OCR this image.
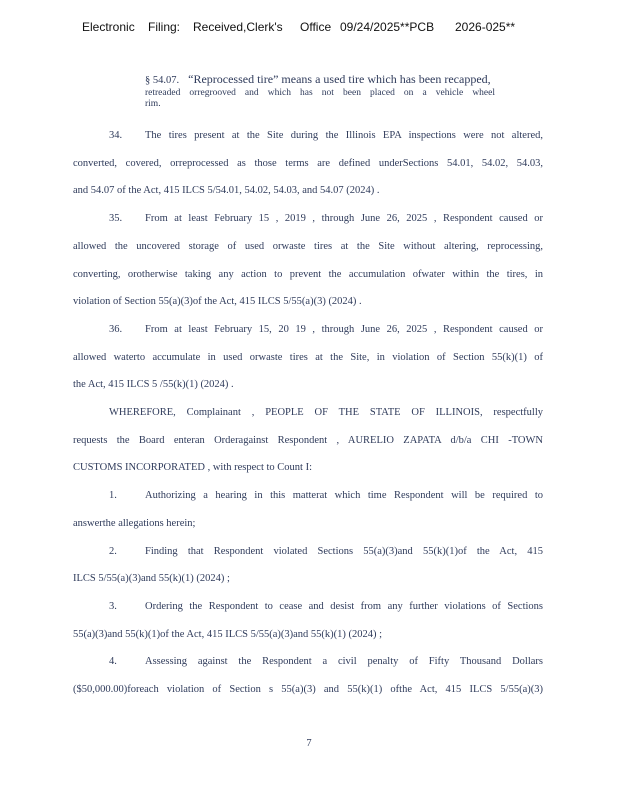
Electronic Filing: Received,Clerk's Office 09/24/2025**PCB 2026-025**
§ 54.07. “Reprocessed tire” means a used tire which has been recapped,
retreaded orregrooved and which has not been placed on a vehicle wheel
rim.
34. The tires present at the Site during the Illinois EPA inspections were not altered,
converted, covered, orreprocessed as those terms are defined underSections 54.01, 54.02, 54.03,
and 54.07 of the Act, 415 ILCS 5/54.01, 54.02, 54.03, and 54.07 (2024) .
35. From at least February 15 , 2019 , through June 26, 2025 , Respondent caused or
allowed the uncovered storage of used orwaste tires at the Site without altering, reprocessing,
converting, orotherwise taking any action to prevent the accumulation ofwater within the tires, in
violation of Section 55(a)(3)of the Act, 415 ILCS 5/55(a)(3) (2024) .
36. From at least February 15, 20 19 , through June 26, 2025 , Respondent caused or
allowed waterto accumulate in used orwaste tires at the Site, in violation of Section 55(k)(1) of
the Act, 415 ILCS 5 /55(k)(1) (2024) .
WHEREFORE, Complainant , PEOPLE OF THE STATE OF ILLINOIS, respectfully
requests the Board enteran Orderagainst Respondent , AURELIO ZAPATA d/b/a CHI -TOWN
CUSTOMS INCORPORATED , with respect to Count I:
1.	Authorizing a hearing in this matterat which time Respondent will be required to
answerthe allegations herein;
2.	Finding that Respondent violated Sections 55(a)(3)and 55(k)(1)of the Act, 415
ILCS 5/55(a)(3)and 55(k)(1) (2024) ;
3.	Ordering the Respondent to cease and desist from any further violations of Sections
55(a)(3)and 55(k)(1)of the Act, 415 ILCS 5/55(a)(3)and 55(k)(1) (2024) ;
4.	Assessing against the Respondent a civil penalty of Fifty Thousand Dollars
($50,000.00)foreach violation of Section s 55(a)(3) and 55(k)(1) ofthe Act, 415 ILCS 5/55(a)(3)
7
